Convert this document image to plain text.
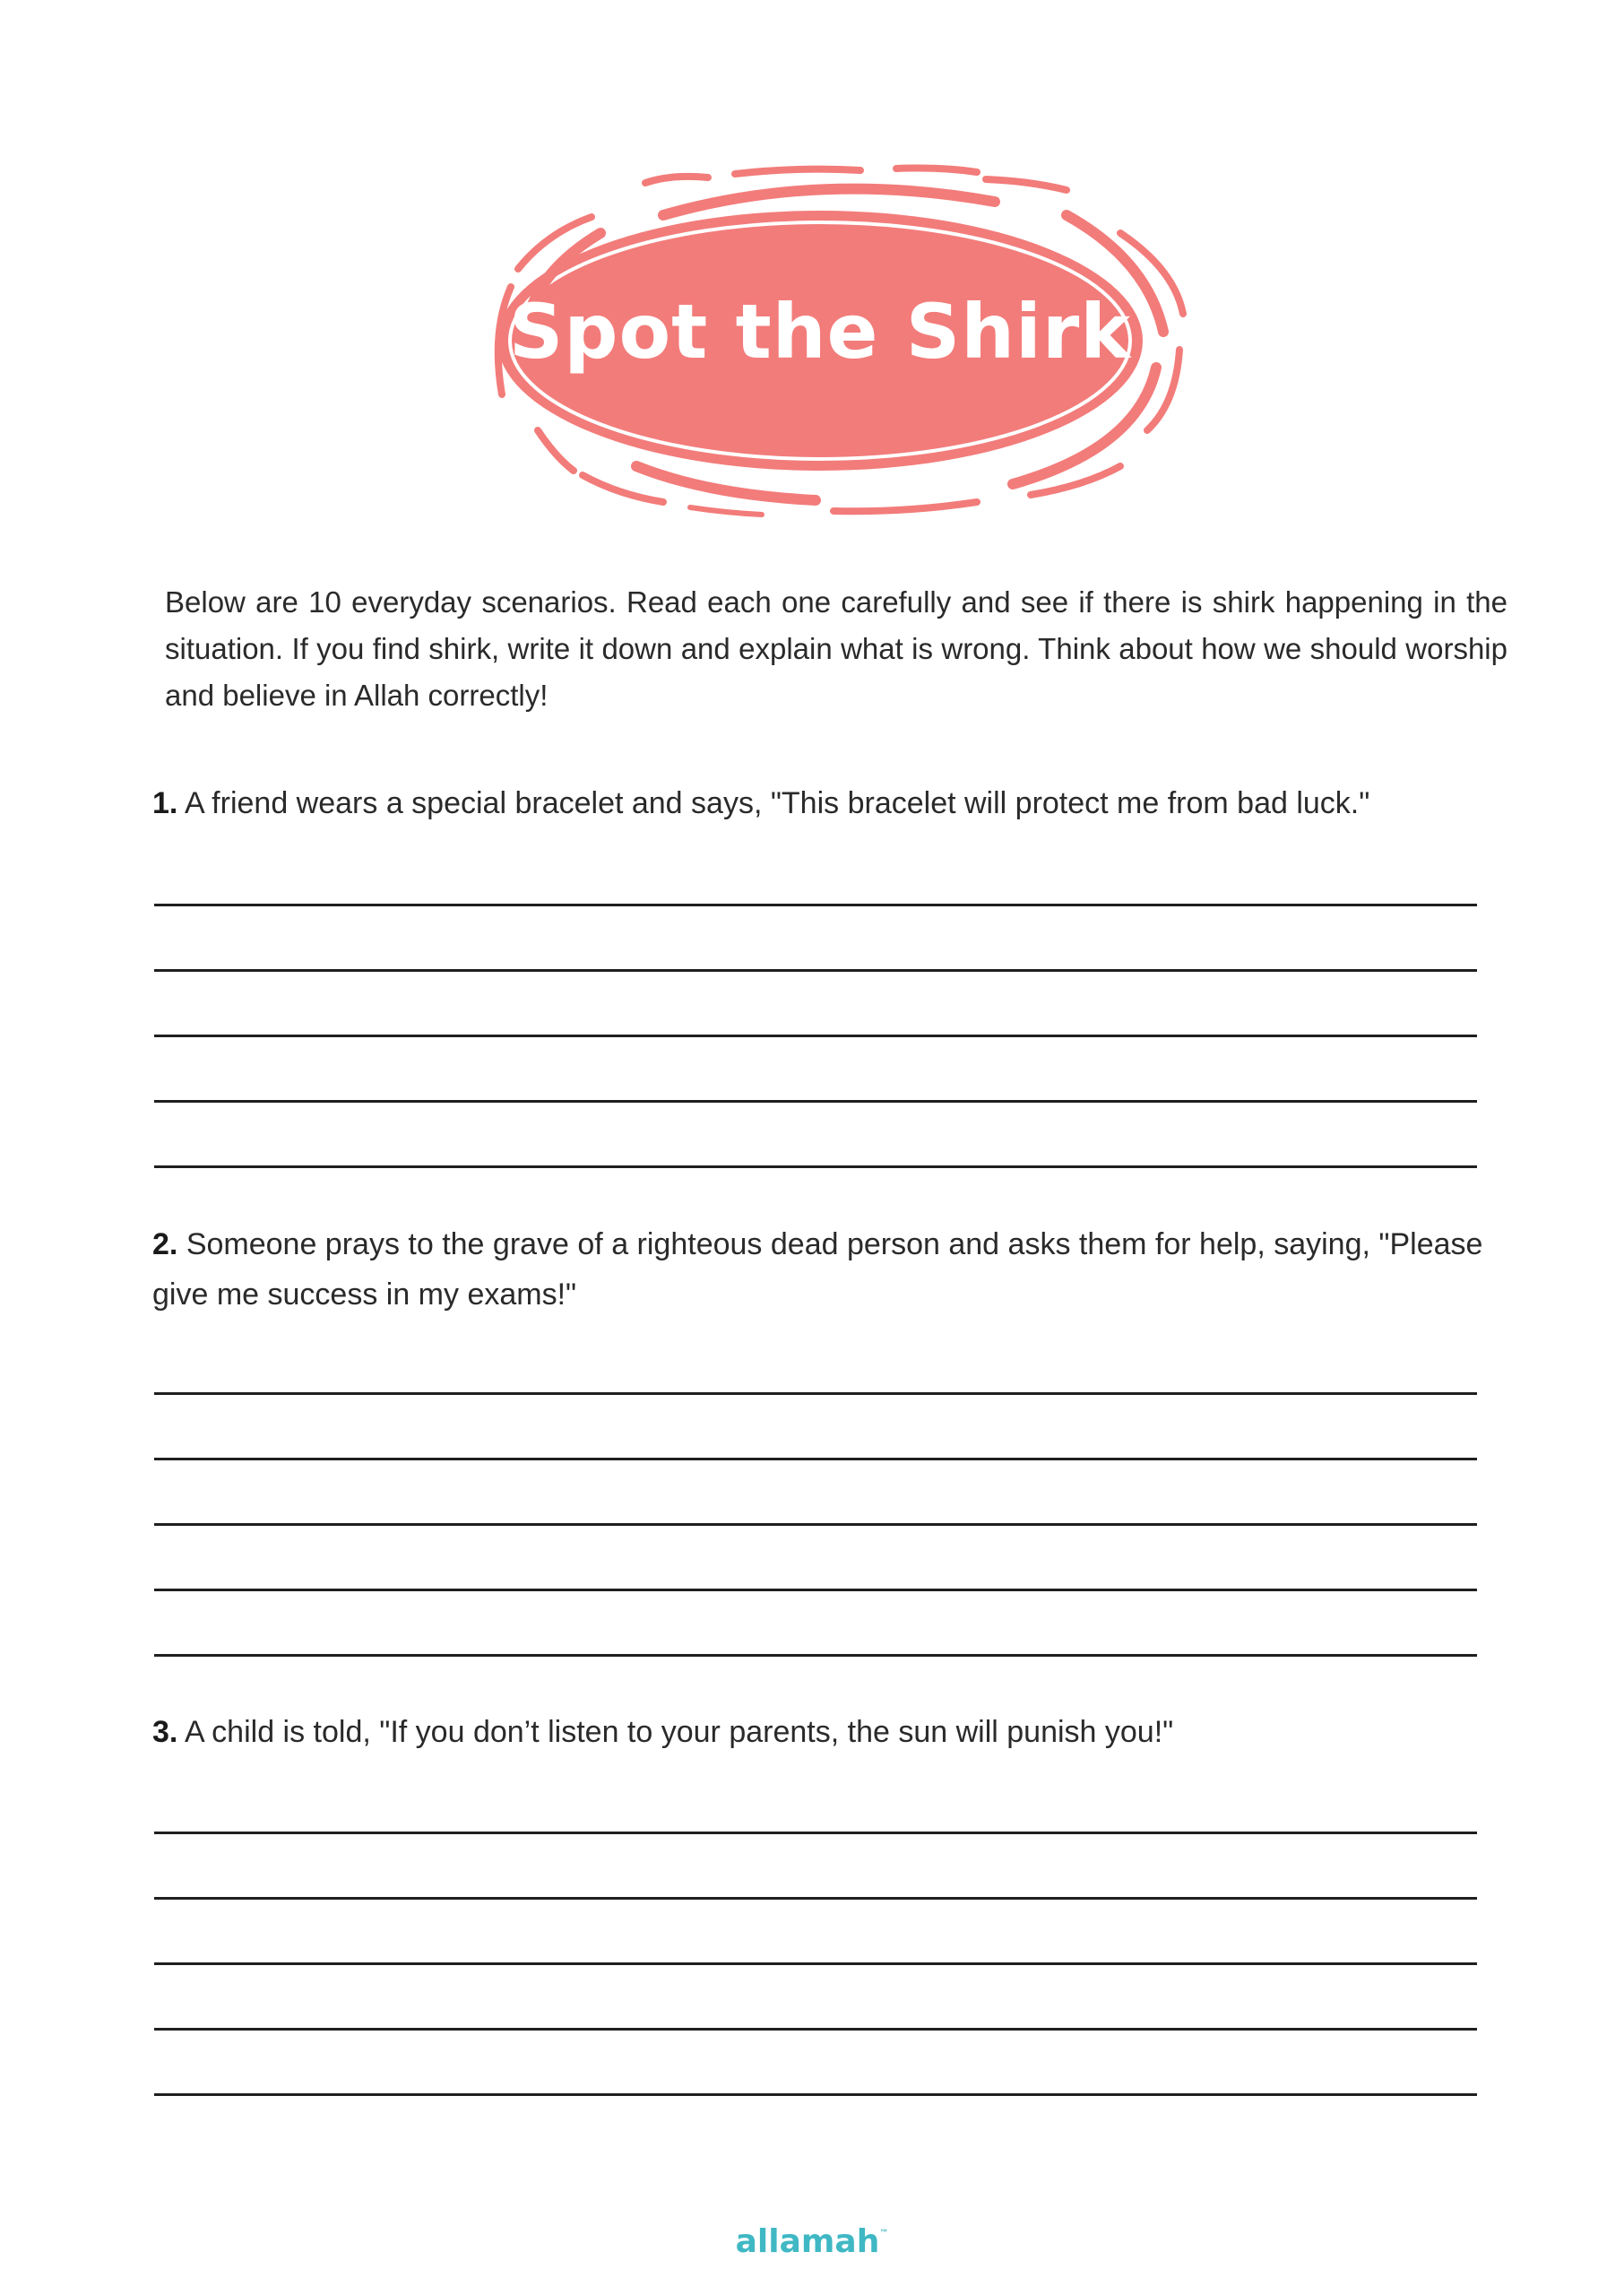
Spot the Shirk
Below are 10 everyday scenarios. Read each one carefully and see if there is shirk happening in the situation. If you find shirk, write it down and explain what is wrong. Think about how we should worship and believe in Allah correctly!
1. A friend wears a special bracelet and says, "This bracelet will protect me from bad luck."
2. Someone prays to the grave of a righteous dead person and asks them for help, saying, "Please give me success in my exams!"
3. A child is told, "If you don’t listen to your parents, the sun will punish you!"
allamah™
